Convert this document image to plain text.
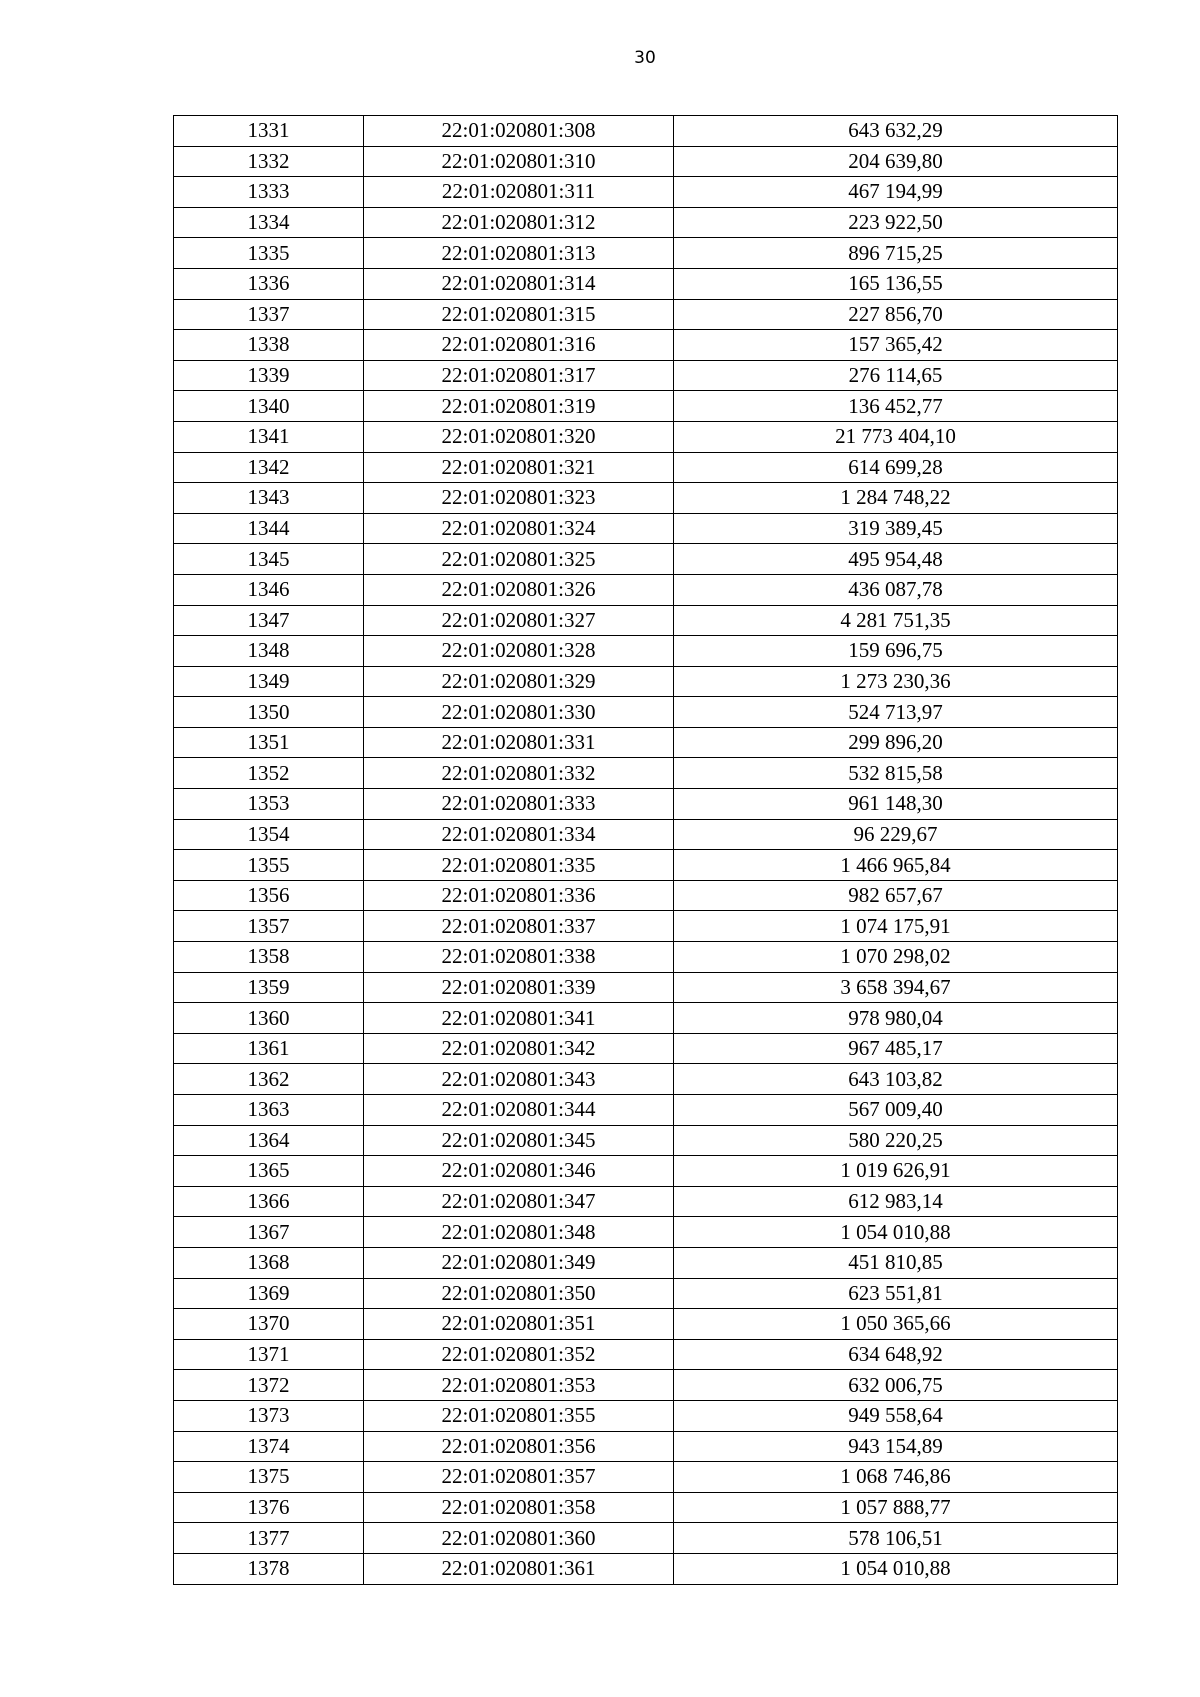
30
1331	22:01:020801:308	643 632,29
1332	22:01:020801:310	204 639,80
1333	22:01:020801:311	467 194,99
1334	22:01:020801:312	223 922,50
1335	22:01:020801:313	896 715,25
1336	22:01:020801:314	165 136,55
1337	22:01:020801:315	227 856,70
1338	22:01:020801:316	157 365,42
1339	22:01:020801:317	276 114,65
1340	22:01:020801:319	136 452,77
1341	22:01:020801:320	21 773 404,10
1342	22:01:020801:321	614 699,28
1343	22:01:020801:323	1 284 748,22
1344	22:01:020801:324	319 389,45
1345	22:01:020801:325	495 954,48
1346	22:01:020801:326	436 087,78
1347	22:01:020801:327	4 281 751,35
1348	22:01:020801:328	159 696,75
1349	22:01:020801:329	1 273 230,36
1350	22:01:020801:330	524 713,97
1351	22:01:020801:331	299 896,20
1352	22:01:020801:332	532 815,58
1353	22:01:020801:333	961 148,30
1354	22:01:020801:334	96 229,67
1355	22:01:020801:335	1 466 965,84
1356	22:01:020801:336	982 657,67
1357	22:01:020801:337	1 074 175,91
1358	22:01:020801:338	1 070 298,02
1359	22:01:020801:339	3 658 394,67
1360	22:01:020801:341	978 980,04
1361	22:01:020801:342	967 485,17
1362	22:01:020801:343	643 103,82
1363	22:01:020801:344	567 009,40
1364	22:01:020801:345	580 220,25
1365	22:01:020801:346	1 019 626,91
1366	22:01:020801:347	612 983,14
1367	22:01:020801:348	1 054 010,88
1368	22:01:020801:349	451 810,85
1369	22:01:020801:350	623 551,81
1370	22:01:020801:351	1 050 365,66
1371	22:01:020801:352	634 648,92
1372	22:01:020801:353	632 006,75
1373	22:01:020801:355	949 558,64
1374	22:01:020801:356	943 154,89
1375	22:01:020801:357	1 068 746,86
1376	22:01:020801:358	1 057 888,77
1377	22:01:020801:360	578 106,51
1378	22:01:020801:361	1 054 010,88
